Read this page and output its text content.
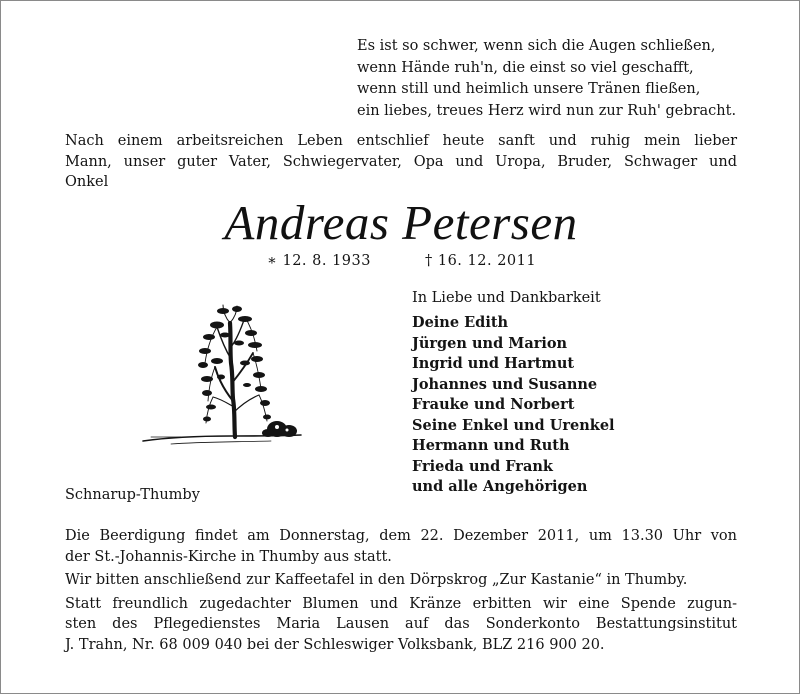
Es ist so schwer, wenn sich die Augen schließen,
wenn Hände ruh'n, die einst so viel geschafft,
wenn still und heimlich unsere Tränen fließen,
ein liebes, treues Herz wird nun zur Ruh' gebracht.
Nach einem arbeitsreichen Leben entschlief heute sanft und ruhig mein lieber
Mann, unser guter Vater, Schwiegervater, Opa und Uropa, Bruder, Schwager und
Onkel
Andreas Petersen
∗ 12. 8. 1933	† 16. 12. 2011
In Liebe und Dankbarkeit
Deine Edith
Jürgen und Marion
Ingrid und Hartmut
Johannes und Susanne
Frauke und Norbert
Seine Enkel und Urenkel
Hermann und Ruth
Frieda und Frank
und alle Angehörigen
Schnarup-Thumby
Die Beerdigung findet am Donnerstag, dem 22. Dezember 2011, um 13.30 Uhr von
der St.-Johannis-Kirche in Thumby aus statt.
Wir bitten anschließend zur Kaffeetafel in den Dörpskrog „Zur Kastanie“ in Thumby.
Statt freundlich zugedachter Blumen und Kränze erbitten wir eine Spende zugun-
sten des Pflegedienstes Maria Lausen auf das Sonderkonto Bestattungsinstitut
J. Trahn, Nr. 68 009 040 bei der Schleswiger Volksbank, BLZ 216 900 20.
